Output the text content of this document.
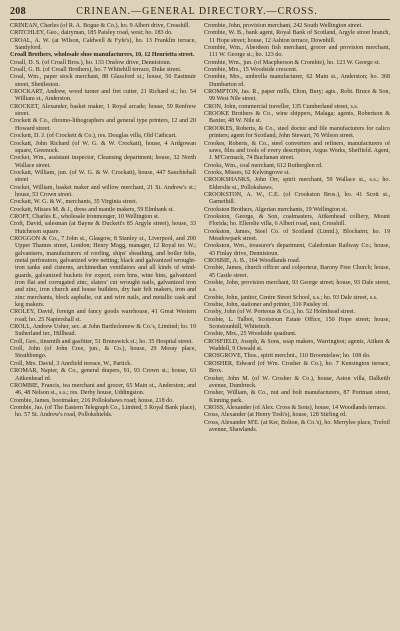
208	CRINEAN.—GENERAL DIRECTORY.—CROSS.

CRINEAN, Charles (of R. A. Bogue & Co.), ho. 9 Albert drive, Crosshill.

CRITCHLEY, Geo., dairyman, 185 Paisley road, west; ho. 183 do.

CROAL, A. W. (at Wilson, Caldwell & Fyfe's), ho. 13 Franklin terrace, Sandyford.

Croall Brothers, wholesale shoe manufacturers, 10, 12 Henrietta street.

Croall, D. S. (of Croall Bros.), ho. 133 Onslow drive, Dennistoun.

Croall, G. B. (of Croall Brothers), ho. 7 Whitehill terrace, Duke street.

Croal, Wm., paper stock merchant, 88 Glassford st.; house, 56 Eastmuir street, Shettleston.

CROCKART, Andrew, wood turner and fret cutter, 21 Richard st.; ho. 54 William st., Anderston.

CROCKET, Alexander, basket maker, 1 Royal arcade; house, 59 Renfrew street.

Crockett & Co., chromo-lithographers and general type printers, 12 and 20 Howard street.

Crockett, D. J. (of Crockett & Co.), res. Douglas villa, Old Cathcart.

Crockatt, John Richard (of W. G. & W. Crockatt), house, 4 Ardgowan square, Greenock.

Crocket, Wm., assistant inspector, Cleansing department; house, 32 North Wallace street.

Crockatt, William, jun. (of W. G. & W. Crockatt), house, 447 Sauchiehall street

Crocket, William, basket maker and willow merchant, 21 St. Andrew's st.; house, 53 Crown street.

Crockatt, W. G. & W., merchants, 35 Virginia street.

Crockatt, Misses M. & J., dress and mantle makers, 59 Elmbank st.

CROFT, Charles E., wholesale ironmonger, 10 Wellington st.

Croft, David, salesman (at Bayne & Duckett's 85 Argyle street), house, 33 Hutcheson square.

CROGGON & Co., 7 John st., Glasgow, 8 Stanley st., Liverpool, and 200 Upper Thames street, London; Henry Mogg, manager, 12 Royal ter. W.; galvanisers, manufacturers of roofing, ships' sheathing, and boiler felts, metal perforators, galvanized wire netting; black and galvanized wrought-iron tanks and cisterns, archimedian ventilators and all kinds of wind-guards, galvanized buckets for export, corn bins, wine bins, galvanized iron flat and corrugated zinc, slaters' cut wrought nails, galvanized iron and zinc, iron church and house builders, dry hair felt makers, iron and zinc merchants, block asphalte, cut and wire nails, and metallic cask and keg makers.

CROLEY, David, foreign and fancy goods warehouse, 41 Great Western road; ho. 25 Napiershall st.

CROLL, Andrew Usher, sec. at John Bartholomew & Co.'s, Limited; ho. 19 Sutherland ter., Hillhead.

Croll, Geo., tinsmith and gasfitter, 51 Brunswick st.; ho. 35 Hospital street.

Croll, John (of John Cree, jun., & Co.), house, 29 Moray place, Strathbungo.

Croll, Mrs. David, 3 Annfield terrace, W., Partick.

CROMAR, Napier, & Co., general drapers, 91, 93 Crown st.; house, 63 Aitkenhead rd.

CROMBIE, Francis, tea merchant and grocer, 65 Main st., Anderston; and 46, 48 Nelson st., s.s.; res. Derby house, Uddingston.

Crombie, James, bootmaker, 216 Pollokshaws road; house, 218 do.

Crombie, Jas. (of The Eastern Telegraph Co., Limited, 5 Royal Bank place), ho. 57 St. Andrew's road, Pollokshields.

Crombie, John, provision merchant, 242 South Wellington street.

Crombie, W. B., bank agent, Royal Bank of Scotland, Argyle street branch, 11 Hope street; house, 12 Ashton terrace, Downhill.

Crombie, Wm., Aberdeen fish merchant, grocer and provision merchant, 111 W. George st.; ho. 123 do.

Crombie, Wm., jun. (of Macpherson & Crombie), ho. 123 W. George st.

Crombie, Mrs., 15 Woodside crescent.

Crombie, Mrs., umbrella manufacturer, 62 Main st., Anderston; ho. 368 Dumbarton rd.

CROMPTON, Jas. R., paper mills, Elton, Bury; agts., Robt. Bruce & Son, 99 West Nile street.

CRON, John, commercial traveller, 135 Cumberland street, s.s.

CROOKE Brothers & Co., wine shippers, Malaga; agents, Robertson & Baxter, 48 W. Nile st.

CROOKES, Roberts, & Co., steel doctor and file manufacturers for calico printers; agent for Scotland, John Stewart, 76 Wilson street.

Crookes, Roberts, & Co., steel converters and refiners, manufacturers of saws, files and tools of every description, Argus Works, Sheffield. Agent, J. M'Cormack, 74 Buchanan street.

Crooks, Wm., coal merchant, 612 Rutherglen rd.

Crooks, Misses, 62 Kelvingrove st.

CROOKSHANKS, John Orr, spirit merchant, 59 Wallace st., s.s.; ho. Elderslie st., Pollokshaws.

CROOKSTON, A. W., C.E. (of Crookston Bros.), ho. 41 Scott st., Garnethill.

Crookston Brothers, Algerian merchants, 19 Wellington st.

Crookston, George, & Son, coalmasters, Aitkenhead colliery, Mount Florida; ho. Ellerslie villa, 6 Albert road, east, Crosshill.

Crookston, James, Steel Co. of Scotland (Limtd.), Blochairn; ho. 19 Meadowpark street.

Crookston, Wm., treasurer's department, Caledonian Railway Co.; house, 43 Finlay drive, Dennistoun.

CROSBIE, A. B., 164 Woodlands road.

Crosbie, James, church officer and colporteur, Barony Free Church; house, 45 Castle street.

Crosbie, John, provision merchant, 93 George street; house, 93 Dale street, s.s.

Crosbie, John, janitor, Centre Street School, s.s.; ho. 93 Dale street, s.s.

Crosbie, John, stationer and printer, 316 Paisley rd.

Crosby, John (of W. Porteous & Co.), ho. 52 Holmhead street.

Crosbie, L. Talbot, Scotstoun Estate Office, 150 Hope street; house, Scotstounhill, Whiteinch.

Crosbie, Mrs., 25 Woodside quadrant.

CROSFIELD, Joseph, & Sons, soap makers, Warrington; agents, Aitken & Waddell, 9 Oswald st.

CROSGROVE, Thos., spirit merchnt., 110 Broomielaw; ho. 108 do.

CROSHER, Edward (of Wm. Crosher & Co.), ho. 7 Kensington terrace, Brox.

Crosher, John M. (of W. Crosher & Co.), house, Aston villa, Dalkeith avenue, Dumbreck.

Crosher, William, & Co., nut and bolt manufacturers, 87 Portman street, Kinning park.

CROSS, Alexander (of Alex. Cross & Sons), house, 14 Woodlands terrace.

Cross, Alexander (at Henry Tosh's), house, 128 Stirling rd.

Cross, Alexander M'E. (at Ker, Bolton, & Co.'s), ho. Merrylee place, Trefoil avenue, Shawlands.
